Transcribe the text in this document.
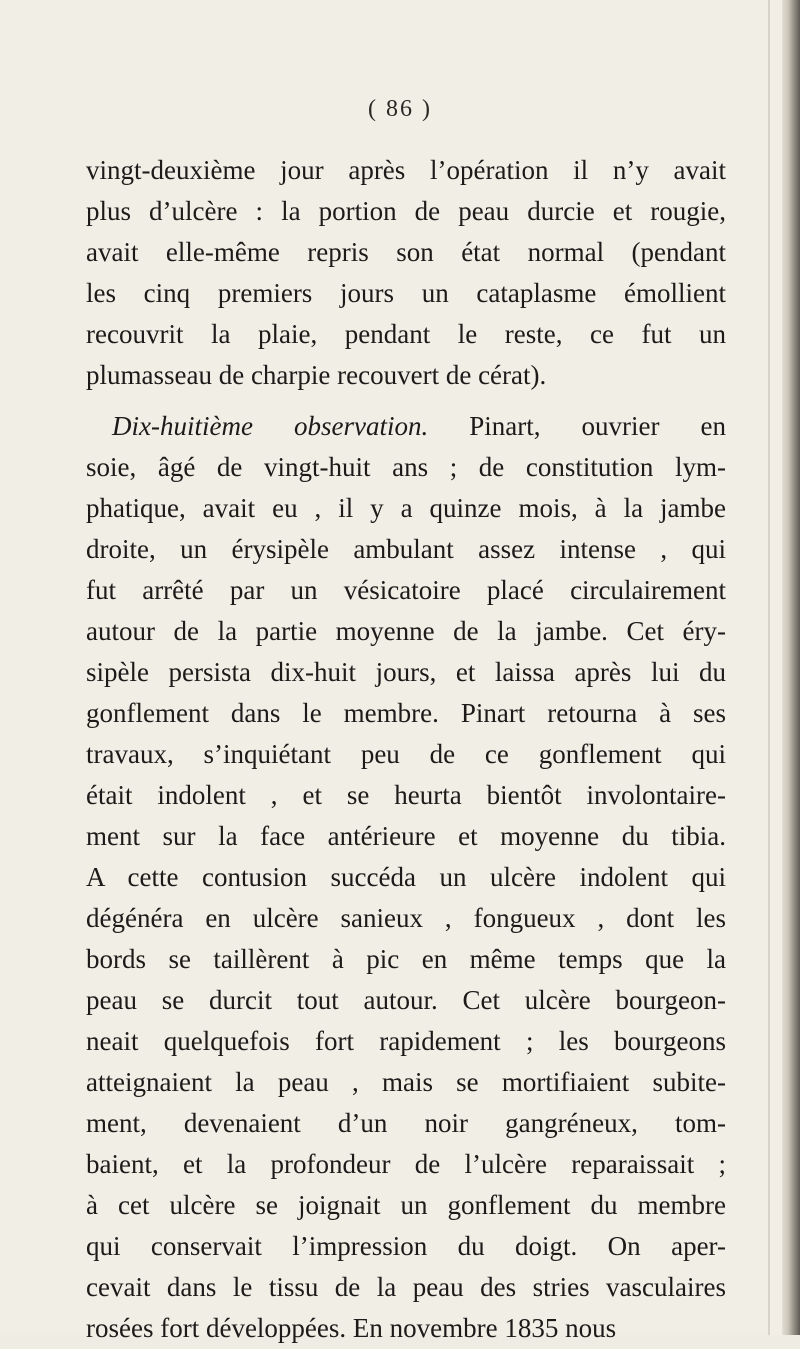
( 86 )
vingt-deuxième jour après l’opération il n’y avait
plus d’ulcère : la portion de peau durcie et rougie,
avait elle-même repris son état normal (pendant
les cinq premiers jours un cataplasme émollient
recouvrit la plaie, pendant le reste, ce fut un
plumasseau de charpie recouvert de cérat).
Dix-huitième observation. Pinart, ouvrier en
soie, âgé de vingt-huit ans ; de constitution lym-
phatique, avait eu , il y a quinze mois, à la jambe
droite, un érysipèle ambulant assez intense , qui
fut arrêté par un vésicatoire placé circulairement
autour de la partie moyenne de la jambe. Cet éry-
sipèle persista dix-huit jours, et laissa après lui du
gonflement dans le membre. Pinart retourna à ses
travaux, s’inquiétant peu de ce gonflement qui
était indolent , et se heurta bientôt involontaire-
ment sur la face antérieure et moyenne du tibia.
A cette contusion succéda un ulcère indolent qui
dégénéra en ulcère sanieux , fongueux , dont les
bords se taillèrent à pic en même temps que la
peau se durcit tout autour. Cet ulcère bourgeon-
neait quelquefois fort rapidement ; les bourgeons
atteignaient la peau , mais se mortifiaient subite-
ment, devenaient d’un noir gangréneux, tom-
baient, et la profondeur de l’ulcère reparaissait ;
à cet ulcère se joignait un gonflement du membre
qui conservait l’impression du doigt. On aper-
cevait dans le tissu de la peau des stries vasculaires
rosées fort développées. En novembre 1835 nous
